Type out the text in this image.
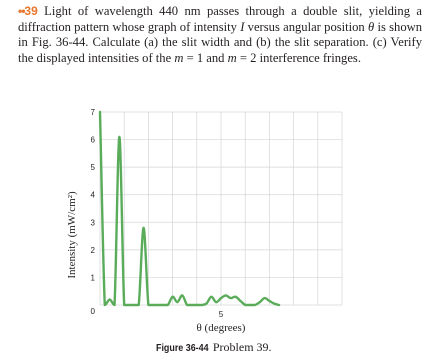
••39 Light of wavelength 440 nm passes through a double slit, yielding a diffraction pattern whose graph of intensity I versus angular position θ is shown in Fig. 36-44. Calculate (a) the slit width and (b) the slit separation. (c) Verify the displayed intensities of the m = 1 and m = 2 interference fringes.

0
1
2
3
4
5
6
7
5
Intensity (mW/cm²)
θ (degrees)
Figure 36-44 Problem 39.
